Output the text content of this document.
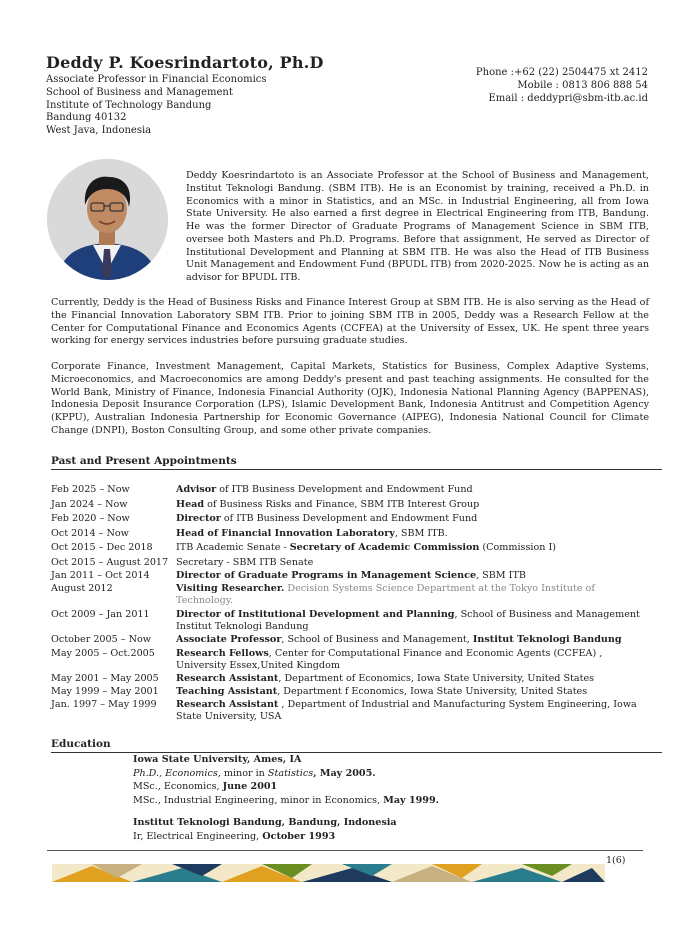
Deddy P. Koesrindartoto, Ph.D
Associate Professor in Financial Economics
School of Business and Management
Institute of Technology Bandung
Bandung 40132
West Java, Indonesia
Phone :+62 (22) 2504475 xt 2412
Mobile : 0813 806 888 54
Email : deddypri@sbm-itb.ac.id
Deddy Koesrindartoto is an Associate Professor at the School of Business and Management, Institut Teknologi Bandung. (SBM ITB). He is an Economist by training, received a Ph.D. in Economics with a minor in Statistics, and an MSc. in Industrial Engineering, all from Iowa State University. He also earned a first degree in Electrical Engineering from ITB, Bandung. He was the former Director of Graduate Programs of Management Science in SBM ITB, oversee both Masters and Ph.D. Programs. Before that assignment, He served as Director of Institutional Development and Planning at SBM ITB. He was also the Head of ITB Business Unit Management and Endowment Fund (BPUDL ITB) from 2020-2025. Now he is acting as an advisor for BPUDL ITB.
Currently, Deddy is the Head of Business Risks and Finance Interest Group at SBM ITB. He is also serving as the Head of the Financial Innovation Laboratory SBM ITB. Prior to joining SBM ITB in 2005, Deddy was a Research Fellow at the Center for Computational Finance and Economics Agents (CCFEA) at the University of Essex, UK. He spent three years working for energy services industries before pursuing graduate studies.
Corporate Finance, Investment Management, Capital Markets, Statistics for Business, Complex Adaptive Systems, Microeconomics, and Macroeconomics are among Deddy's present and past teaching assignments. He consulted for the World Bank, Ministry of Finance, Indonesia Financial Authority (OJK), Indonesia National Planning Agency (BAPPENAS), Indonesia Deposit Insurance Corporation (LPS), Islamic Development Bank, Indonesia Antitrust and Competition Agency (KPPU), Australian Indonesia Partnership for Economic Governance (AIPEG), Indonesia National Council for Climate Change (DNPI), Boston Consulting Group, and some other private companies.
Past and Present Appointments
Feb 2025 – Now	Advisor of ITB Business Development and Endowment Fund
Jan 2024 – Now	Head of Business Risks and Finance, SBM ITB Interest Group
Feb 2020 – Now	Director of ITB Business Development and Endowment Fund
Oct 2014 – Now	Head of Financial Innovation Laboratory, SBM ITB.
Oct 2015 – Dec 2018 ITB Academic Senate - Secretary of Academic Commission (Commission I)
Oct 2015 – August 2017 Secretary - SBM ITB Senate
Jan 2011 – Oct 2014	Director of Graduate Programs in Management Science, SBM ITB
August 2012	Visiting Researcher. Decision Systems Science Department at the Tokyo Institute of Technology.
Oct 2009 – Jan 2011	Director of Institutional Development and Planning, School of Business and Management Institut Teknologi Bandung
October 2005 – Now	Associate Professor, School of Business and Management, Institut Teknologi Bandung
May 2005 – Oct.2005 Research Fellows, Center for Computational Finance and Economic Agents (CCFEA) , University Essex,United Kingdom
May 2001 – May 2005 Research Assistant, Department of Economics, Iowa State University, United States
May 1999 – May 2001 Teaching Assistant, Department f Economics, Iowa State University, United States
Jan. 1997 – May 1999 Research Assistant , Department of Industrial and Manufacturing System Engineering, Iowa State University, USA
Education
Iowa State University, Ames, IA
Ph.D., Economics, minor in Statistics, May 2005.
MSc., Economics, June 2001
MSc., Industrial Engineering, minor in Economics, May 1999.
Institut Teknologi Bandung, Bandung, Indonesia
Ir, Electrical Engineering, October 1993
1(6)
